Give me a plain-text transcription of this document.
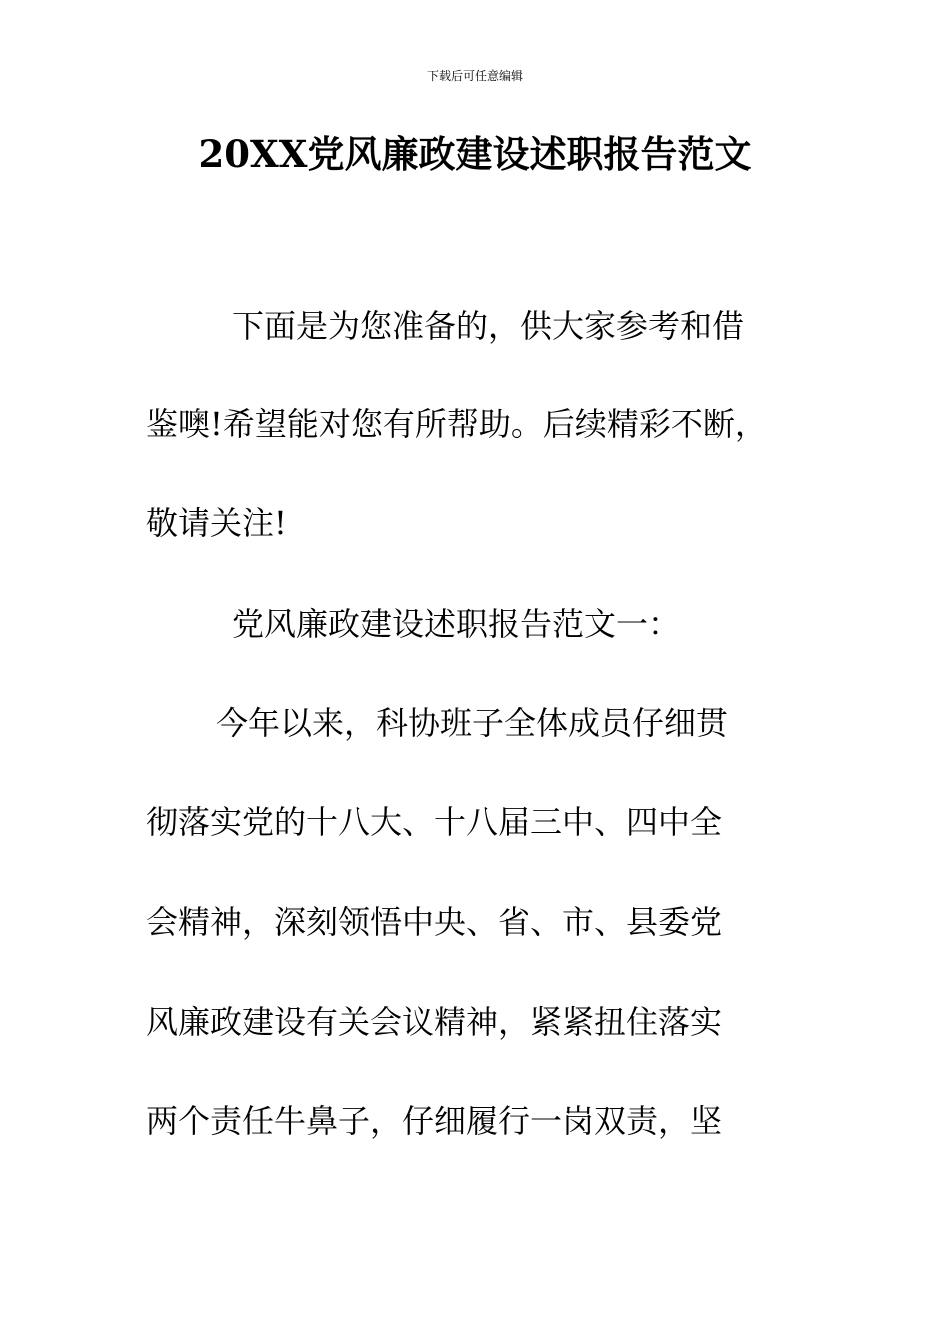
下载后可任意编辑
20XX党风廉政建设述职报告范文
下面是为您准备的，供大家参考和借
鉴噢!希望能对您有所帮助。后续精彩不断，
敬请关注!
党风廉政建设述职报告范文一：
今年以来，科协班子全体成员仔细贯
彻落实党的十八大、十八届三中、四中全
会精神，深刻领悟中央、省、市、县委党
风廉政建设有关会议精神，紧紧扭住落实
两个责任牛鼻子，仔细履行一岗双责，坚
